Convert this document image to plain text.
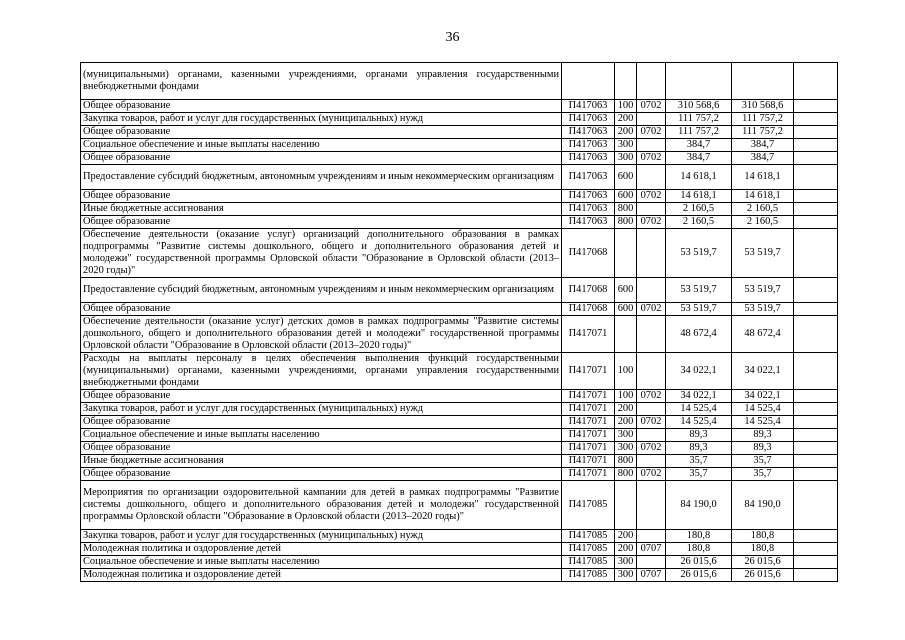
36
(муниципальными) органами, казенными учреждениями, органами управления государственными внебюджетными фондами						
Общее образование	П417063	100	0702	310 568,6	310 568,6	
Закупка товаров, работ и услуг для государственных (муниципальных) нужд	П417063	200		111 757,2	111 757,2	
Общее образование	П417063	200	0702	111 757,2	111 757,2	
Социальное обеспечение и иные выплаты населению	П417063	300		384,7	384,7	
Общее образование	П417063	300	0702	384,7	384,7	
Предоставление субсидий бюджетным, автономным учреждениям и иным некоммерческим организациям	П417063	600		14 618,1	14 618,1	
Общее образование	П417063	600	0702	14 618,1	14 618,1	
Иные бюджетные ассигнования	П417063	800		2 160,5	2 160,5	
Общее образование	П417063	800	0702	2 160,5	2 160,5	
Обеспечение деятельности (оказание услуг) организаций дополнительного образования в рамках подпрограммы "Развитие системы дошкольного, общего и дополнительного образования детей и молодежи" государственной программы Орловской области "Образование в Орловской области (2013–2020 годы)"	П417068			53 519,7	53 519,7	
Предоставление субсидий бюджетным, автономным учреждениям и иным некоммерческим организациям	П417068	600		53 519,7	53 519,7	
Общее образование	П417068	600	0702	53 519,7	53 519,7	
Обеспечение деятельности (оказание услуг) детских домов в рамках подпрограммы "Развитие системы дошкольного, общего и дополнительного образования детей и молодежи" государственной программы Орловской области "Образование в Орловской области (2013–2020 годы)"	П417071			48 672,4	48 672,4	
Расходы на выплаты персоналу в целях обеспечения выполнения функций государственными (муниципальными) органами, казенными учреждениями, органами управления государственными внебюджетными фондами	П417071	100		34 022,1	34 022,1	
Общее образование	П417071	100	0702	34 022,1	34 022,1	
Закупка товаров, работ и услуг для государственных (муниципальных) нужд	П417071	200		14 525,4	14 525,4	
Общее образование	П417071	200	0702	14 525,4	14 525,4	
Социальное обеспечение и иные выплаты населению	П417071	300		89,3	89,3	
Общее образование	П417071	300	0702	89,3	89,3	
Иные бюджетные ассигнования	П417071	800		35,7	35,7	
Общее образование	П417071	800	0702	35,7	35,7	
Мероприятия по организации оздоровительной кампании для детей в рамках подпрограммы "Развитие системы дошкольного, общего и дополнительного образования детей и молодежи" государственной программы Орловской области "Образование в Орловской области (2013–2020 годы)"	П417085			84 190,0	84 190,0	
Закупка товаров, работ и услуг для государственных (муниципальных) нужд	П417085	200		180,8	180,8	
Молодежная политика и оздоровление детей	П417085	200	0707	180,8	180,8	
Социальное обеспечение и иные выплаты населению	П417085	300		26 015,6	26 015,6	
Молодежная политика и оздоровление детей	П417085	300	0707	26 015,6	26 015,6	
